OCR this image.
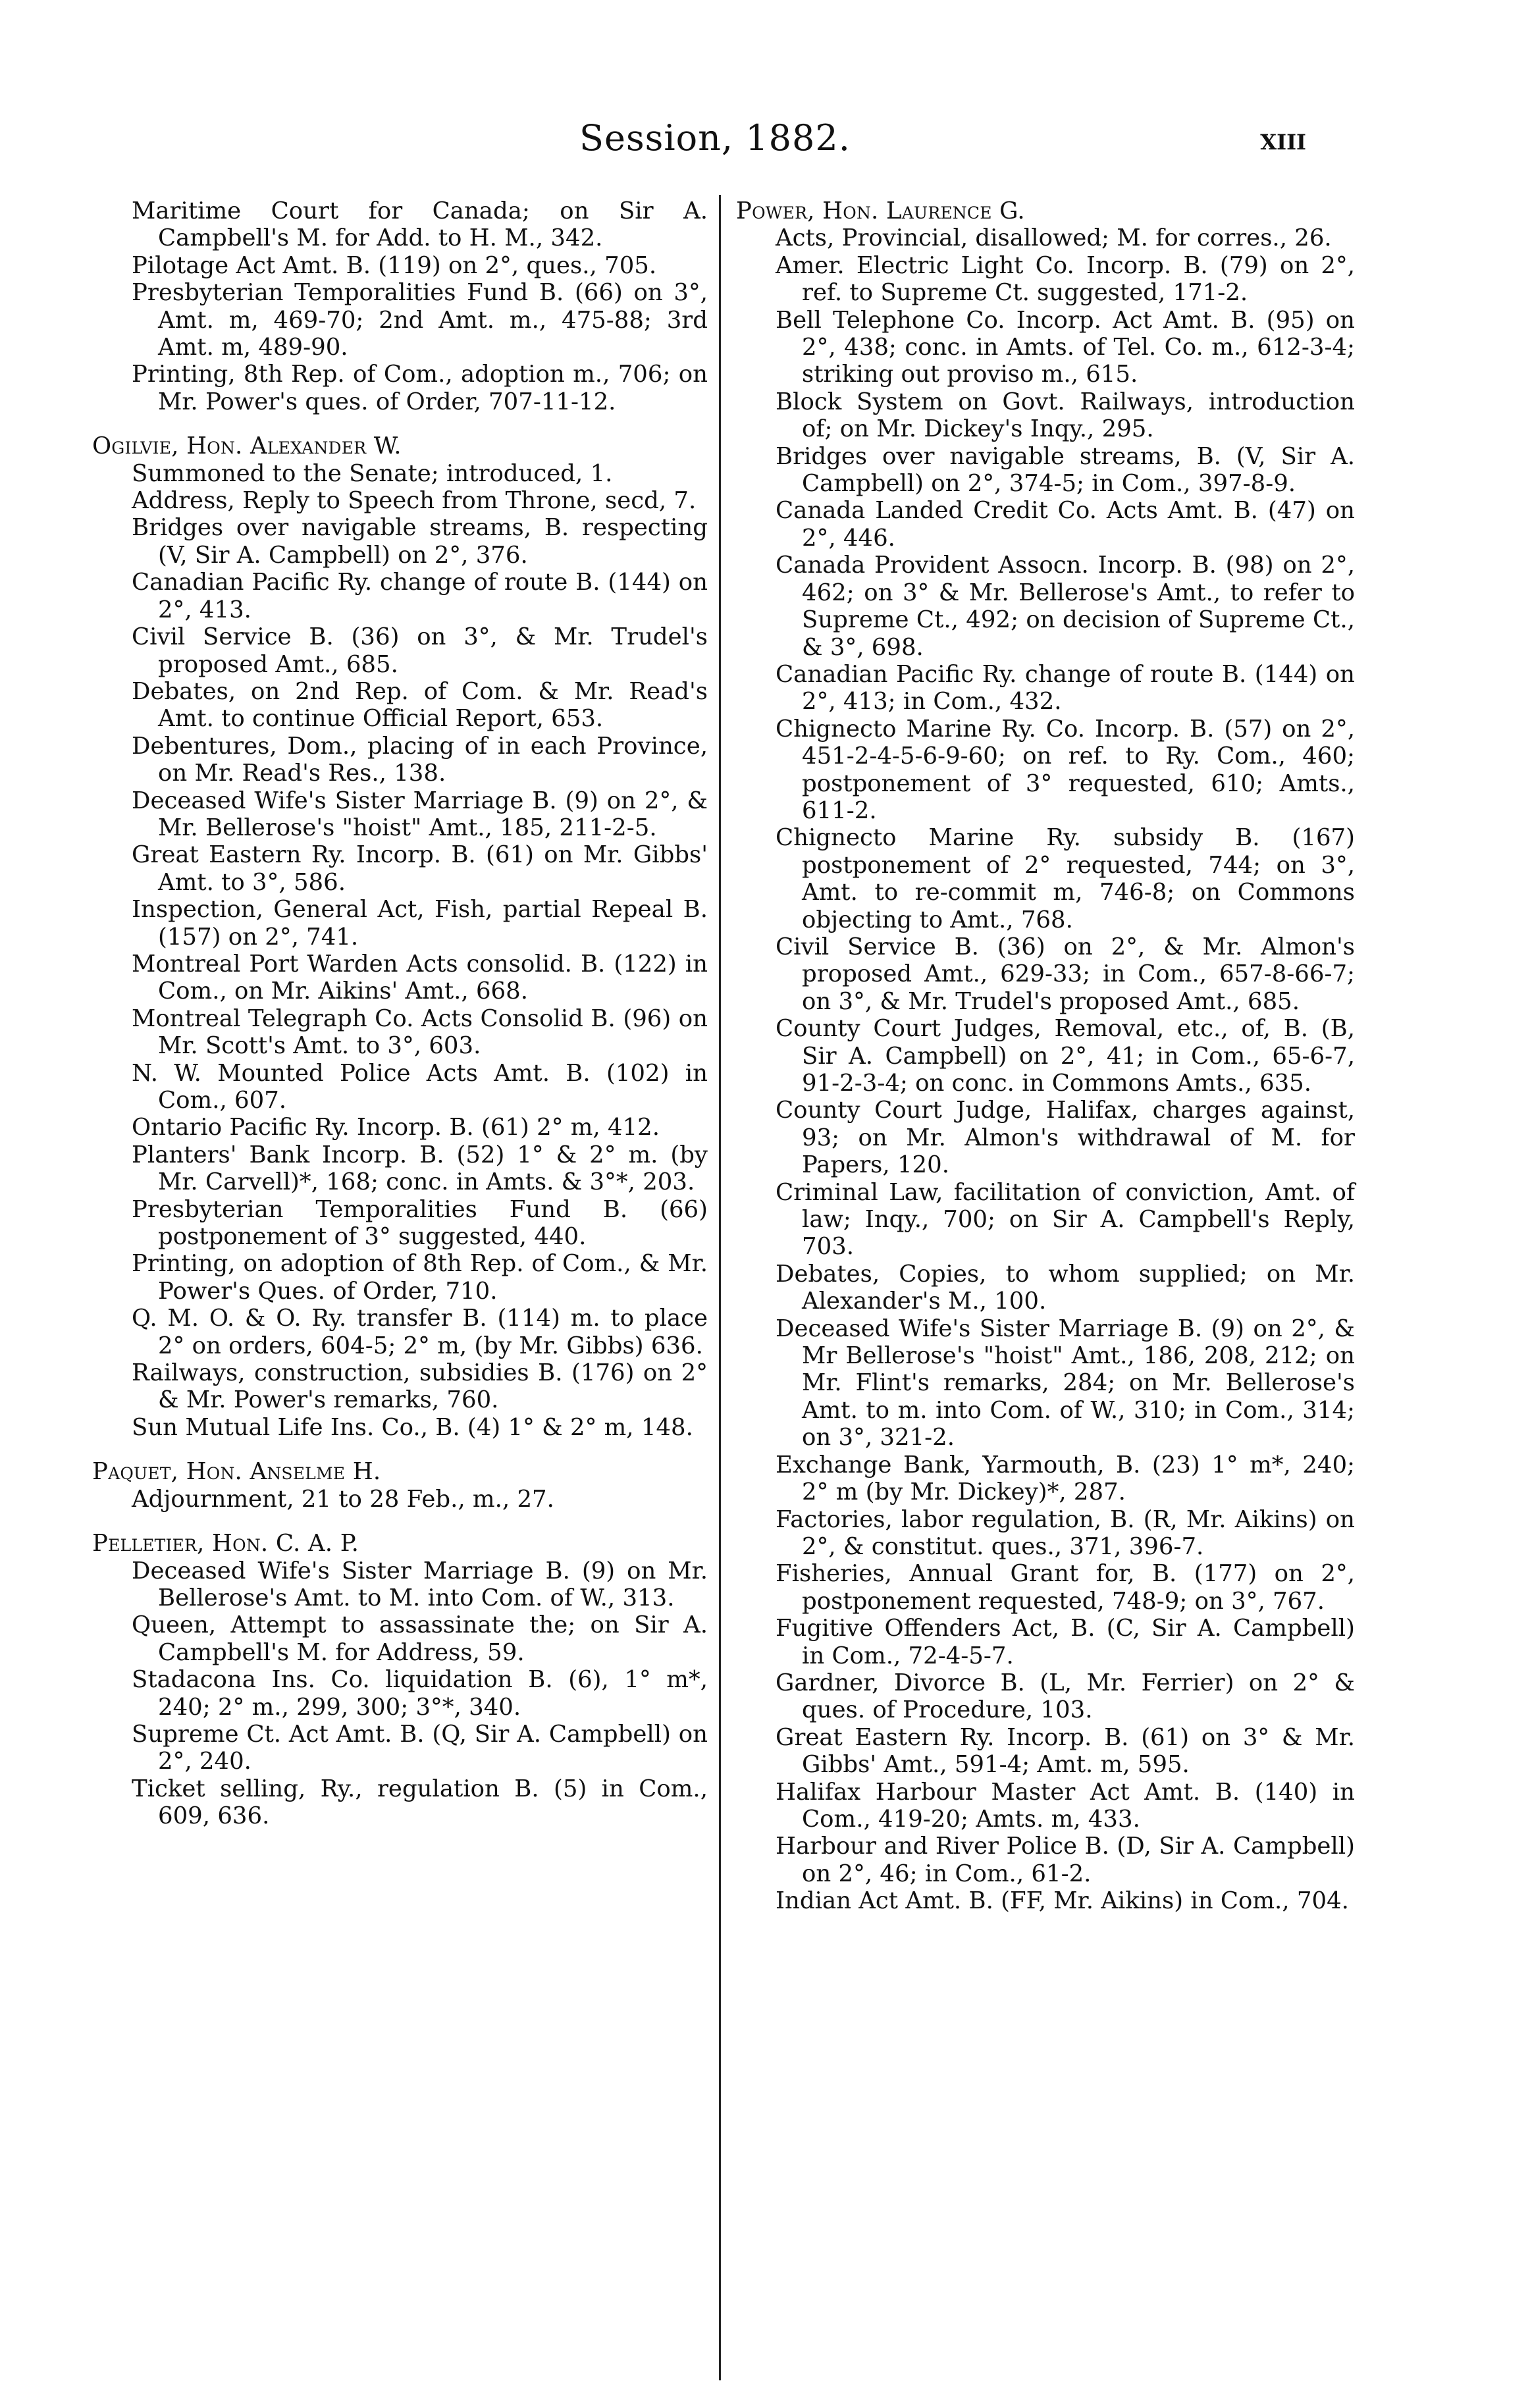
Session, 1882.	xiii
Maritime Court for Canada; on Sir A. Campbell's M. for Add. to H. M., 342.
Pilotage Act Amt. B. (119) on 2°, ques., 705.
Presbyterian Temporalities Fund B. (66) on 3°, Amt. m, 469-70; 2nd Amt. m., 475-88; 3rd Amt. m, 489-90.
Printing, 8th Rep. of Com., adoption m., 706; on Mr. Power's ques. of Order, 707-11-12.
Ogilvie, Hon. Alexander W.
Summoned to the Senate; introduced, 1.
Address, Reply to Speech from Throne, secd, 7.
Bridges over navigable streams, B. respecting (V, Sir A. Campbell) on 2°, 376.
Canadian Pacific Ry. change of route B. (144) on 2°, 413.
Civil Service B. (36) on 3°, & Mr. Trudel's proposed Amt., 685.
Debates, on 2nd Rep. of Com. & Mr. Read's Amt. to continue Official Report, 653.
Debentures, Dom., placing of in each Province, on Mr. Read's Res., 138.
Deceased Wife's Sister Marriage B. (9) on 2°, & Mr. Bellerose's "hoist" Amt., 185, 211-2-5.
Great Eastern Ry. Incorp. B. (61) on Mr. Gibbs' Amt. to 3°, 586.
Inspection, General Act, Fish, partial Repeal B. (157) on 2°, 741.
Montreal Port Warden Acts consolid. B. (122) in Com., on Mr. Aikins' Amt., 668.
Montreal Telegraph Co. Acts Consolid B. (96) on Mr. Scott's Amt. to 3°, 603.
N. W. Mounted Police Acts Amt. B. (102) in Com., 607.
Ontario Pacific Ry. Incorp. B. (61) 2° m, 412.
Planters' Bank Incorp. B. (52) 1° & 2° m. (by Mr. Carvell)*, 168; conc. in Amts. & 3°*, 203.
Presbyterian Temporalities Fund B. (66) postponement of 3° suggested, 440.
Printing, on adoption of 8th Rep. of Com., & Mr. Power's Ques. of Order, 710.
Q. M. O. & O. Ry. transfer B. (114) m. to place 2° on orders, 604-5; 2° m, (by Mr. Gibbs) 636.
Railways, construction, subsidies B. (176) on 2° & Mr. Power's remarks, 760.
Sun Mutual Life Ins. Co., B. (4) 1° & 2° m, 148.
Paquet, Hon. Anselme H.
Adjournment, 21 to 28 Feb., m., 27.
Pelletier, Hon. C. A. P.
Deceased Wife's Sister Marriage B. (9) on Mr. Bellerose's Amt. to M. into Com. of W., 313.
Queen, Attempt to assassinate the; on Sir A. Campbell's M. for Address, 59.
Stadacona Ins. Co. liquidation B. (6), 1° m*, 240; 2° m., 299, 300; 3°*, 340.
Supreme Ct. Act Amt. B. (Q, Sir A. Campbell) on 2°, 240.
Ticket selling, Ry., regulation B. (5) in Com., 609, 636.
Power, Hon. Laurence G.
Acts, Provincial, disallowed; M. for corres., 26.
Amer. Electric Light Co. Incorp. B. (79) on 2°, ref. to Supreme Ct. suggested, 171-2.
Bell Telephone Co. Incorp. Act Amt. B. (95) on 2°, 438; conc. in Amts. of Tel. Co. m., 612-3-4; striking out proviso m., 615.
Block System on Govt. Railways, introduction of; on Mr. Dickey's Inqy., 295.
Bridges over navigable streams, B. (V, Sir A. Campbell) on 2°, 374-5; in Com., 397-8-9.
Canada Landed Credit Co. Acts Amt. B. (47) on 2°, 446.
Canada Provident Assocn. Incorp. B. (98) on 2°, 462; on 3° & Mr. Bellerose's Amt., to refer to Supreme Ct., 492; on decision of Supreme Ct., & 3°, 698.
Canadian Pacific Ry. change of route B. (144) on 2°, 413; in Com., 432.
Chignecto Marine Ry. Co. Incorp. B. (57) on 2°, 451-2-4-5-6-9-60; on ref. to Ry. Com., 460; postponement of 3° requested, 610; Amts., 611-2.
Chignecto Marine Ry. subsidy B. (167) postponement of 2° requested, 744; on 3°, Amt. to re-commit m, 746-8; on Commons objecting to Amt., 768.
Civil Service B. (36) on 2°, & Mr. Almon's proposed Amt., 629-33; in Com., 657-8-66-7; on 3°, & Mr. Trudel's proposed Amt., 685.
County Court Judges, Removal, etc., of, B. (B, Sir A. Campbell) on 2°, 41; in Com., 65-6-7, 91-2-3-4; on conc. in Commons Amts., 635.
County Court Judge, Halifax, charges against, 93; on Mr. Almon's withdrawal of M. for Papers, 120.
Criminal Law, facilitation of conviction, Amt. of law; Inqy., 700; on Sir A. Campbell's Reply, 703.
Debates, Copies, to whom supplied; on Mr. Alexander's M., 100.
Deceased Wife's Sister Marriage B. (9) on 2°, & Mr Bellerose's "hoist" Amt., 186, 208, 212; on Mr. Flint's remarks, 284; on Mr. Bellerose's Amt. to m. into Com. of W., 310; in Com., 314; on 3°, 321-2.
Exchange Bank, Yarmouth, B. (23) 1° m*, 240; 2° m (by Mr. Dickey)*, 287.
Factories, labor regulation, B. (R, Mr. Aikins) on 2°, & constitut. ques., 371, 396-7.
Fisheries, Annual Grant for, B. (177) on 2°, postponement requested, 748-9; on 3°, 767.
Fugitive Offenders Act, B. (C, Sir A. Campbell) in Com., 72-4-5-7.
Gardner, Divorce B. (L, Mr. Ferrier) on 2° & ques. of Procedure, 103.
Great Eastern Ry. Incorp. B. (61) on 3° & Mr. Gibbs' Amt., 591-4; Amt. m, 595.
Halifax Harbour Master Act Amt. B. (140) in Com., 419-20; Amts. m, 433.
Harbour and River Police B. (D, Sir A. Campbell) on 2°, 46; in Com., 61-2.
Indian Act Amt. B. (FF, Mr. Aikins) in Com., 704.
